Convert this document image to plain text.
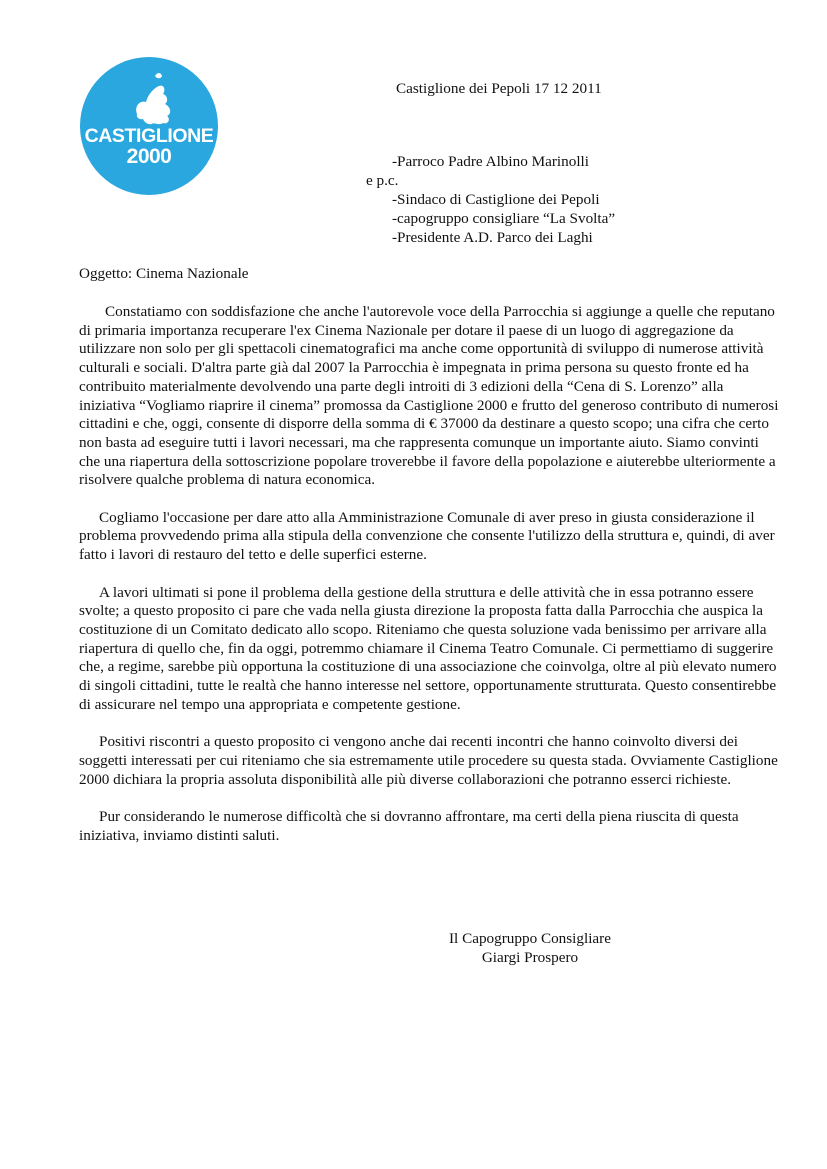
CASTIGLIONE
2000
Castiglione dei Pepoli 17 12 2011
-Parroco Padre Albino Marinolli
e p.c.
-Sindaco di Castiglione dei Pepoli
-capogruppo consigliare “La Svolta”
-Presidente A.D. Parco dei Laghi
Oggetto: Cinema Nazionale

Constatiamo con soddisfazione che anche l'autorevole voce della Parrocchia si aggiunge a quelle che reputano di primaria importanza recuperare l'ex Cinema Nazionale per dotare il paese di un luogo di aggregazione da utilizzare non solo per gli spettacoli cinematografici ma anche come opportunità di sviluppo di numerose attività culturali e sociali. D'altra parte già dal 2007 la Parrocchia è impegnata in prima persona su questo fronte ed ha contribuito materialmente devolvendo una parte degli introiti di 3 edizioni della “Cena di S. Lorenzo” alla iniziativa “Vogliamo riaprire il cinema” promossa da Castiglione 2000 e frutto del generoso contributo di numerosi cittadini e che, oggi, consente di disporre della somma di € 37000 da destinare a questo scopo; una cifra che certo non basta ad eseguire tutti i lavori necessari, ma che rappresenta comunque un importante aiuto. Siamo convinti che una riapertura della sottoscrizione popolare troverebbe il favore della popolazione e aiuterebbe ulteriormente a risolvere qualche problema di natura economica.

Cogliamo l'occasione per dare atto alla Amministrazione Comunale di aver preso in giusta considerazione il problema provvedendo prima alla stipula della convenzione che consente l'utilizzo della struttura e, quindi, di aver fatto i lavori di restauro del tetto e delle superfici esterne.

A lavori ultimati si pone il problema della gestione della struttura e delle attività che in essa potranno essere svolte; a questo proposito ci pare che vada nella giusta direzione la proposta fatta dalla Parrocchia che auspica la costituzione di un Comitato dedicato allo scopo. Riteniamo che questa soluzione vada benissimo per arrivare alla riapertura di quello che, fin da oggi, potremmo chiamare il Cinema Teatro Comunale. Ci permettiamo di suggerire che, a regime, sarebbe più opportuna la costituzione di una associazione che coinvolga, oltre al più elevato numero di singoli cittadini, tutte le realtà che hanno interesse nel settore, opportunamente strutturata. Questo consentirebbe di assicurare nel tempo una appropriata e competente gestione.

Positivi riscontri a questo proposito ci vengono anche dai recenti incontri che hanno coinvolto diversi dei soggetti interessati per cui riteniamo che sia estremamente utile procedere su questa stada. Ovviamente Castiglione 2000 dichiara la propria assoluta disponibilità alle più diverse collaborazioni che potranno esserci richieste.

Pur considerando le numerose difficoltà che si dovranno affrontare, ma certi della piena riuscita di questa iniziativa, inviamo distinti saluti.

Il Capogruppo Consigliare
Giargi Prospero
